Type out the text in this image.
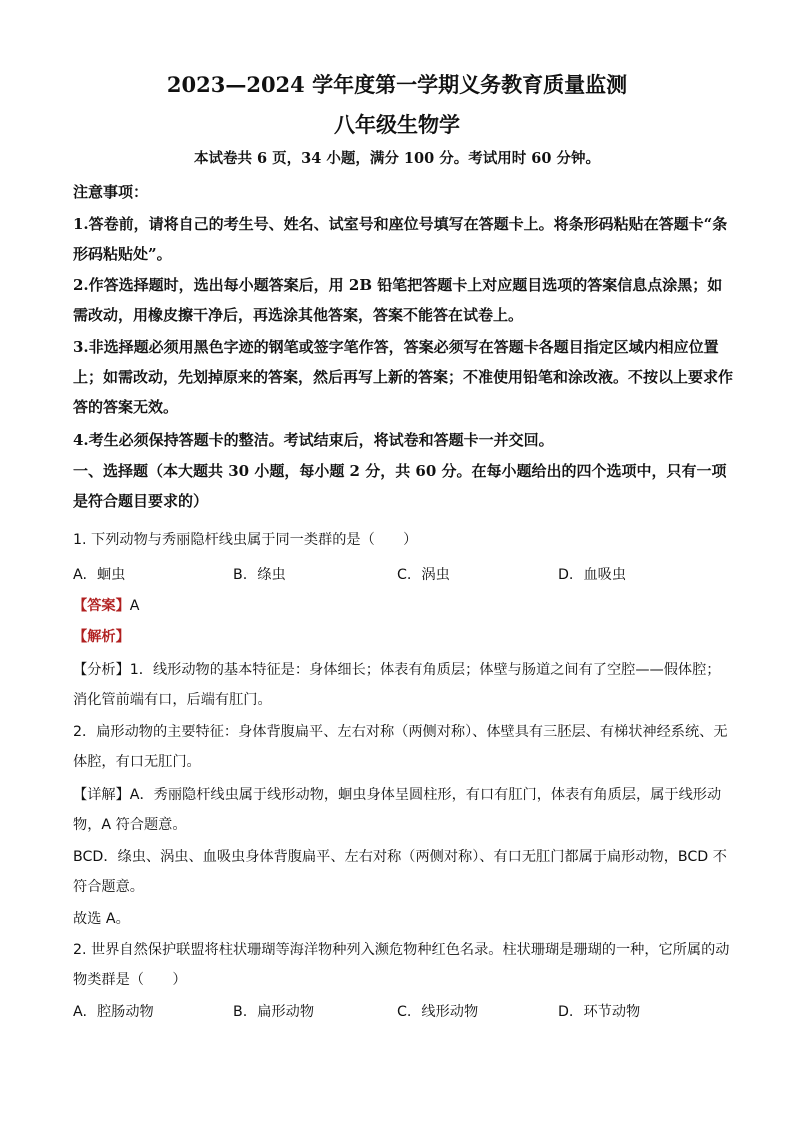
2023—2024 学年度第一学期义务教育质量监测
八年级生物学
本试卷共 6 页，34 小题，满分 100 分。考试用时 60 分钟。
注意事项：
1.答卷前，请将自己的考生号、姓名、试室号和座位号填写在答题卡上。将条形码粘贴在答题卡“条形码粘贴处”。
2.作答选择题时，选出每小题答案后，用 2B 铅笔把答题卡上对应题目选项的答案信息点涂黑；如需改动，用橡皮擦干净后，再选涂其他答案，答案不能答在试卷上。
3.非选择题必须用黑色字迹的钢笔或签字笔作答，答案必须写在答题卡各题目指定区域内相应位置上；如需改动，先划掉原来的答案，然后再写上新的答案；不准使用铅笔和涂改液。不按以上要求作答的答案无效。
4.考生必须保持答题卡的整洁。考试结束后，将试卷和答题卡一并交回。
一、选择题（本大题共 30 小题，每小题 2 分，共 60 分。在每小题给出的四个选项中，只有一项是符合题目要求的）
1. 下列动物与秀丽隐杆线虫属于同一类群的是（　　）
A. 蛔虫	B. 绦虫	C. 涡虫	D. 血吸虫
【答案】A
【解析】
【分析】1．线形动物的基本特征是：身体细长；体表有角质层；体壁与肠道之间有了空腔——假体腔；消化管前端有口，后端有肛门。
2．扁形动物的主要特征：身体背腹扁平、左右对称（两侧对称）、体壁具有三胚层、有梯状神经系统、无体腔，有口无肛门。
【详解】A．秀丽隐杆线虫属于线形动物，蛔虫身体呈圆柱形，有口有肛门，体表有角质层，属于线形动物，A 符合题意。
BCD．绦虫、涡虫、血吸虫身体背腹扁平、左右对称（两侧对称）、有口无肛门都属于扁形动物，BCD 不符合题意。
故选 A。
2. 世界自然保护联盟将柱状珊瑚等海洋物种列入濒危物种红色名录。柱状珊瑚是珊瑚的一种，它所属的动物类群是（　　）
A. 腔肠动物	B. 扁形动物	C. 线形动物	D. 环节动物
